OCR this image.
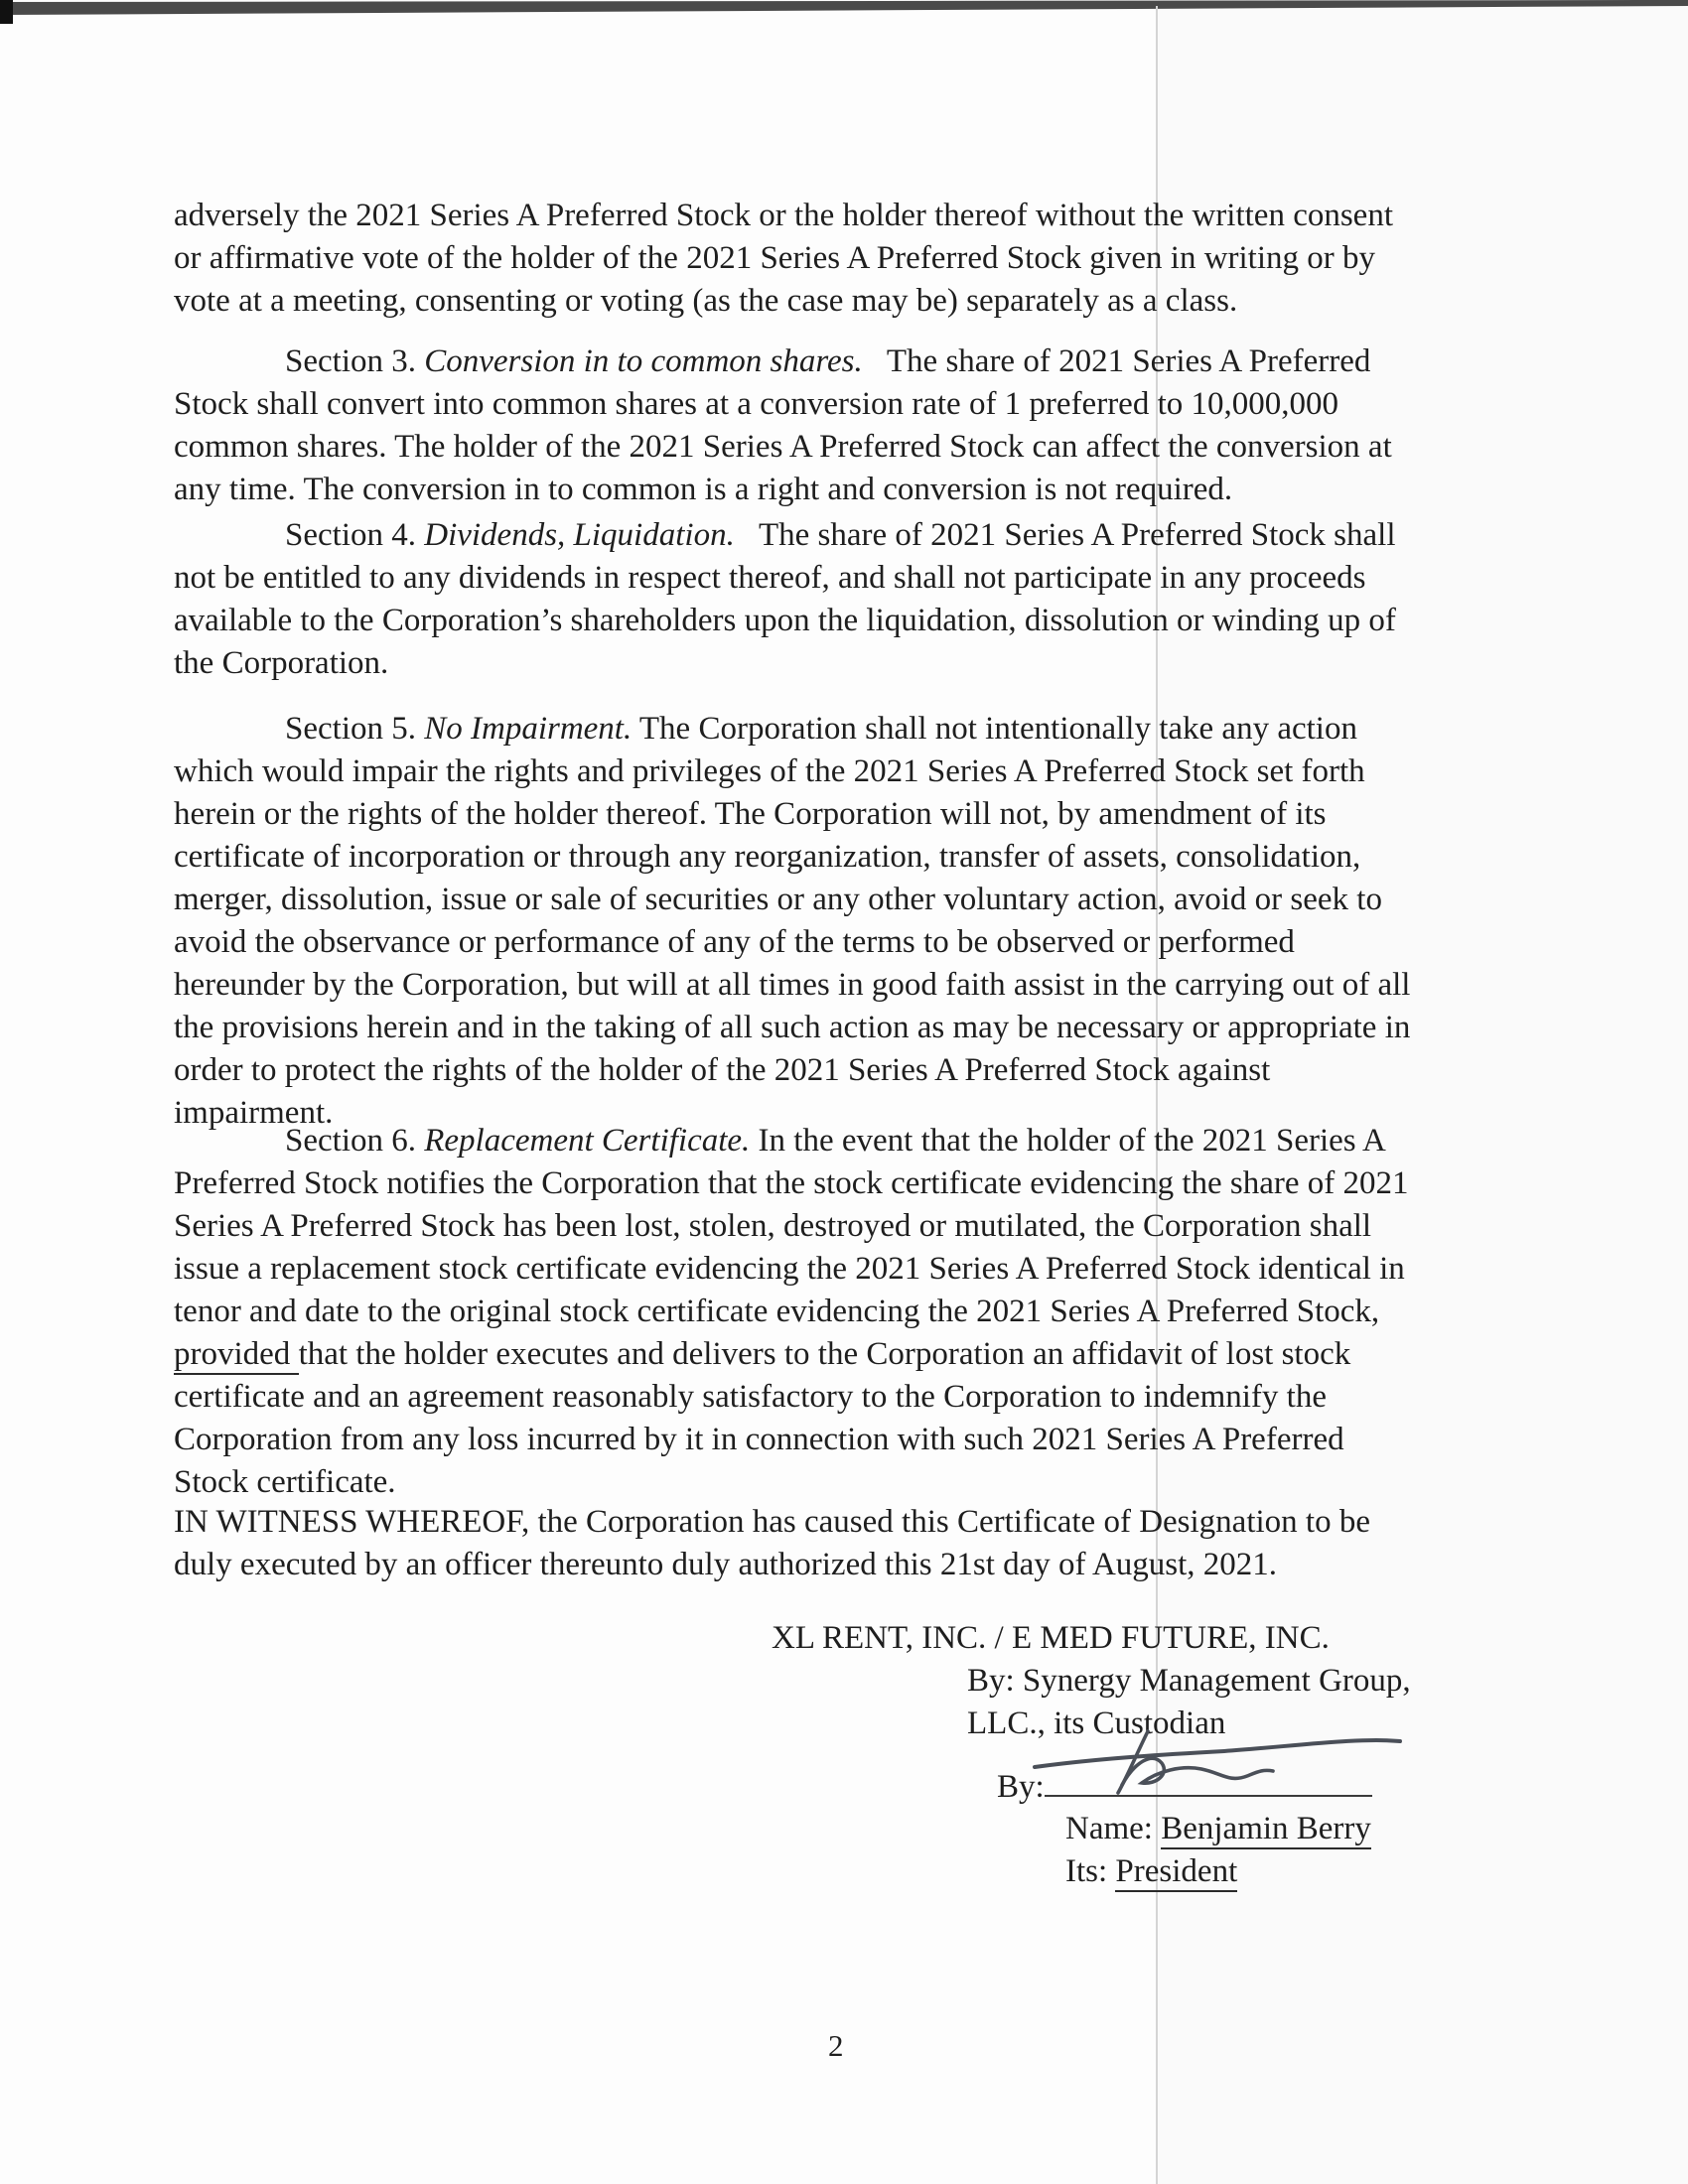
adversely the 2021 Series A Preferred Stock or the holder thereof without the written consent
or affirmative vote of the holder of the 2021 Series A Preferred Stock given in writing or by
vote at a meeting, consenting or voting (as the case may be) separately as a class.
Section 3. Conversion in to common shares.   The share of 2021 Series A Preferred
Stock shall convert into common shares at a conversion rate of 1 preferred to 10,000,000
common shares. The holder of the 2021 Series A Preferred Stock can affect the conversion at
any time. The conversion in to common is a right and conversion is not required.
Section 4. Dividends, Liquidation.   The share of 2021 Series A Preferred Stock shall
not be entitled to any dividends in respect thereof, and shall not participate in any proceeds
available to the Corporation’s shareholders upon the liquidation, dissolution or winding up of
the Corporation.
Section 5. No Impairment. The Corporation shall not intentionally take any action
which would impair the rights and privileges of the 2021 Series A Preferred Stock set forth
herein or the rights of the holder thereof. The Corporation will not, by amendment of its
certificate of incorporation or through any reorganization, transfer of assets, consolidation,
merger, dissolution, issue or sale of securities or any other voluntary action, avoid or seek to
avoid the observance or performance of any of the terms to be observed or performed
hereunder by the Corporation, but will at all times in good faith assist in the carrying out of all
the provisions herein and in the taking of all such action as may be necessary or appropriate in
order to protect the rights of the holder of the 2021 Series A Preferred Stock against
impairment.
Section 6. Replacement Certificate. In the event that the holder of the 2021 Series A
Preferred Stock notifies the Corporation that the stock certificate evidencing the share of 2021
Series A Preferred Stock has been lost, stolen, destroyed or mutilated, the Corporation shall
issue a replacement stock certificate evidencing the 2021 Series A Preferred Stock identical in
tenor and date to the original stock certificate evidencing the 2021 Series A Preferred Stock,
provided that the holder executes and delivers to the Corporation an affidavit of lost stock
certificate and an agreement reasonably satisfactory to the Corporation to indemnify the
Corporation from any loss incurred by it in connection with such 2021 Series A Preferred
Stock certificate.
IN WITNESS WHEREOF, the Corporation has caused this Certificate of Designation to be
duly executed by an officer thereunto duly authorized this 21st day of August, 2021.
XL RENT, INC. / E MED FUTURE, INC.
By: Synergy Management Group,
LLC., its Custodian
By:
Name: Benjamin Berry
Its: President
2
